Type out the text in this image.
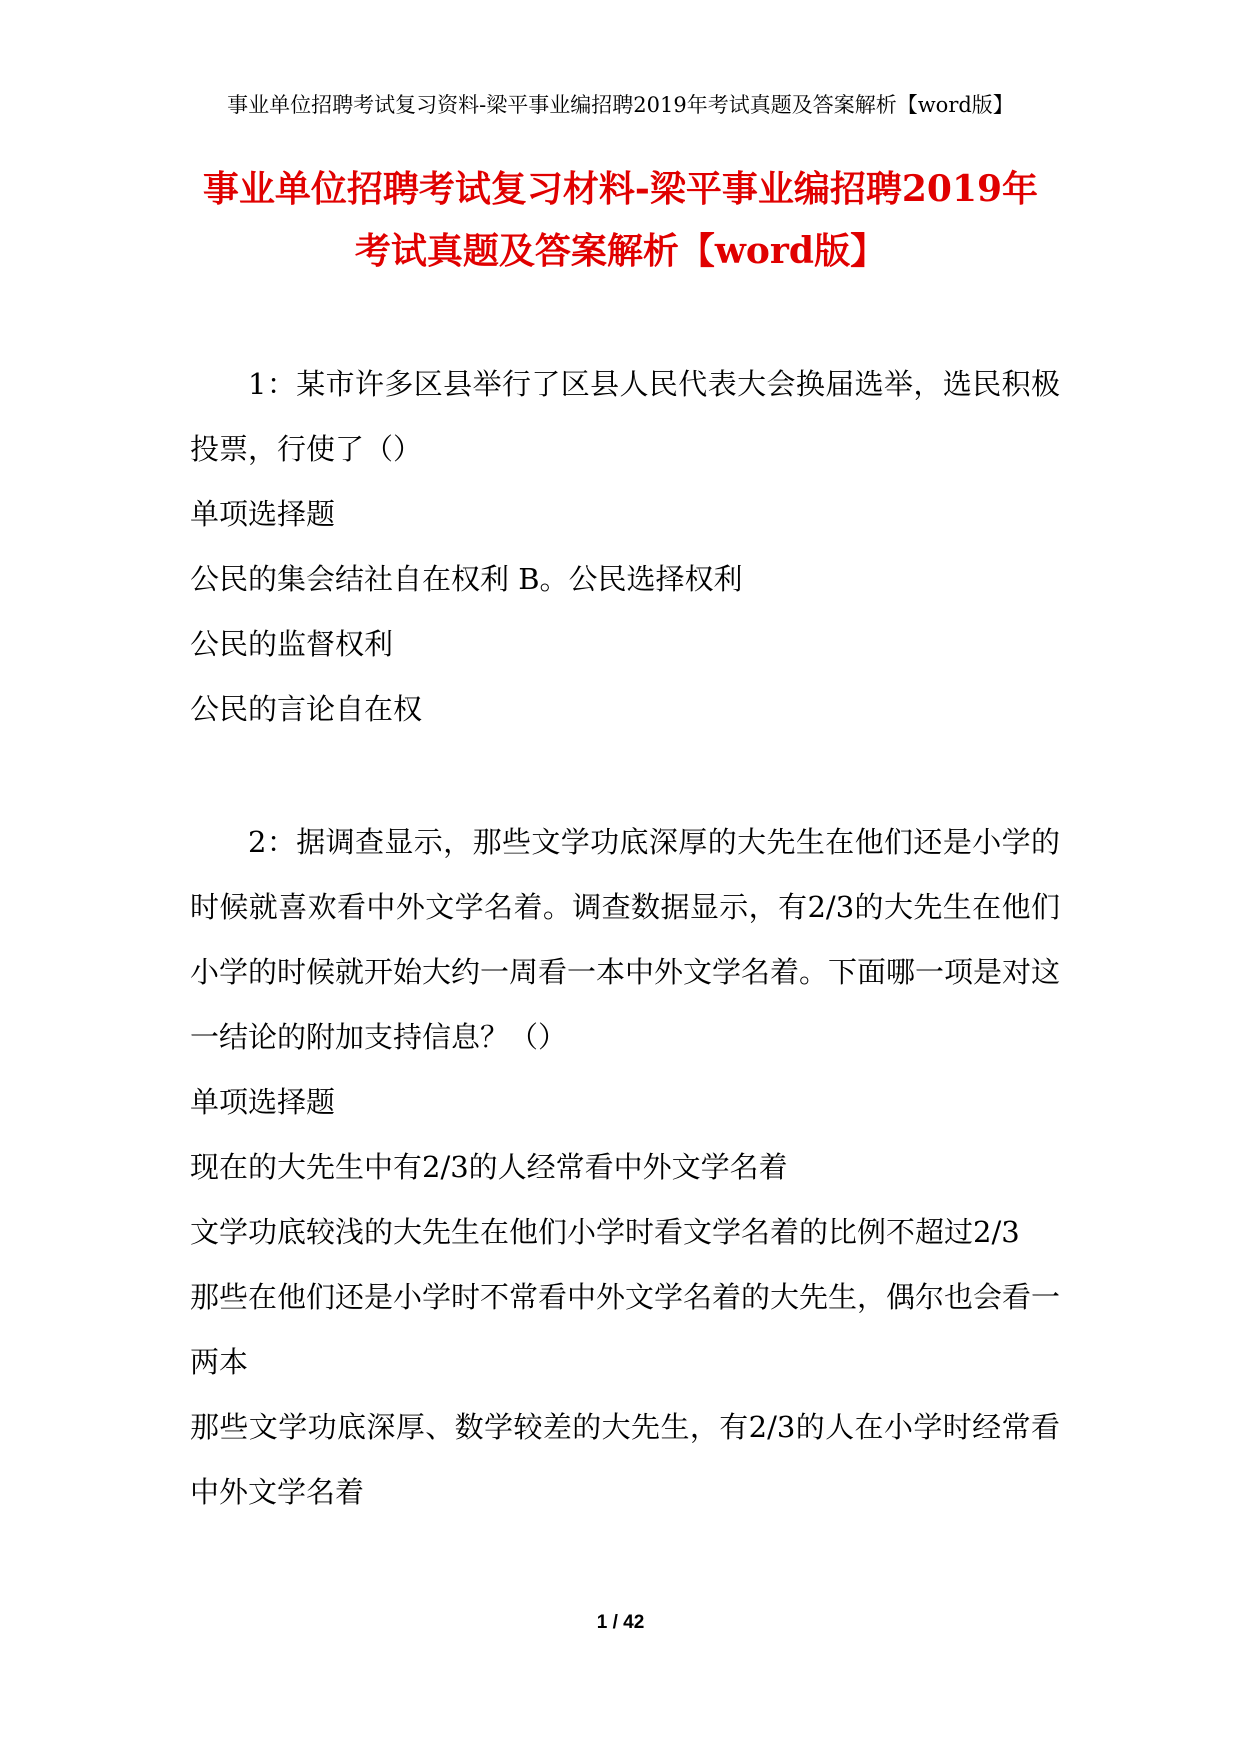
事业单位招聘考试复习资料-梁平事业编招聘2019年考试真题及答案解析【word版】
事业单位招聘考试复习材料-梁平事业编招聘2019年
考试真题及答案解析【word版】

1：某市许多区县举行了区县人民代表大会换届选举，选民积极投票，行使了（）

单项选择题

公民的集会结社自在权利 B。公民选择权利

公民的监督权利

公民的言论自在权

2：据调查显示，那些文学功底深厚的大先生在他们还是小学的时候就喜欢看中外文学名着。调查数据显示，有2/3的大先生在他们小学的时候就开始大约一周看一本中外文学名着。下面哪一项是对这一结论的附加支持信息？（）

单项选择题

现在的大先生中有2/3的人经常看中外文学名着

文学功底较浅的大先生在他们小学时看文学名着的比例不超过2/3

那些在他们还是小学时不常看中外文学名着的大先生，偶尔也会看一两本

那些文学功底深厚、数学较差的大先生，有2/3的人在小学时经常看中外文学名着

1 / 42
